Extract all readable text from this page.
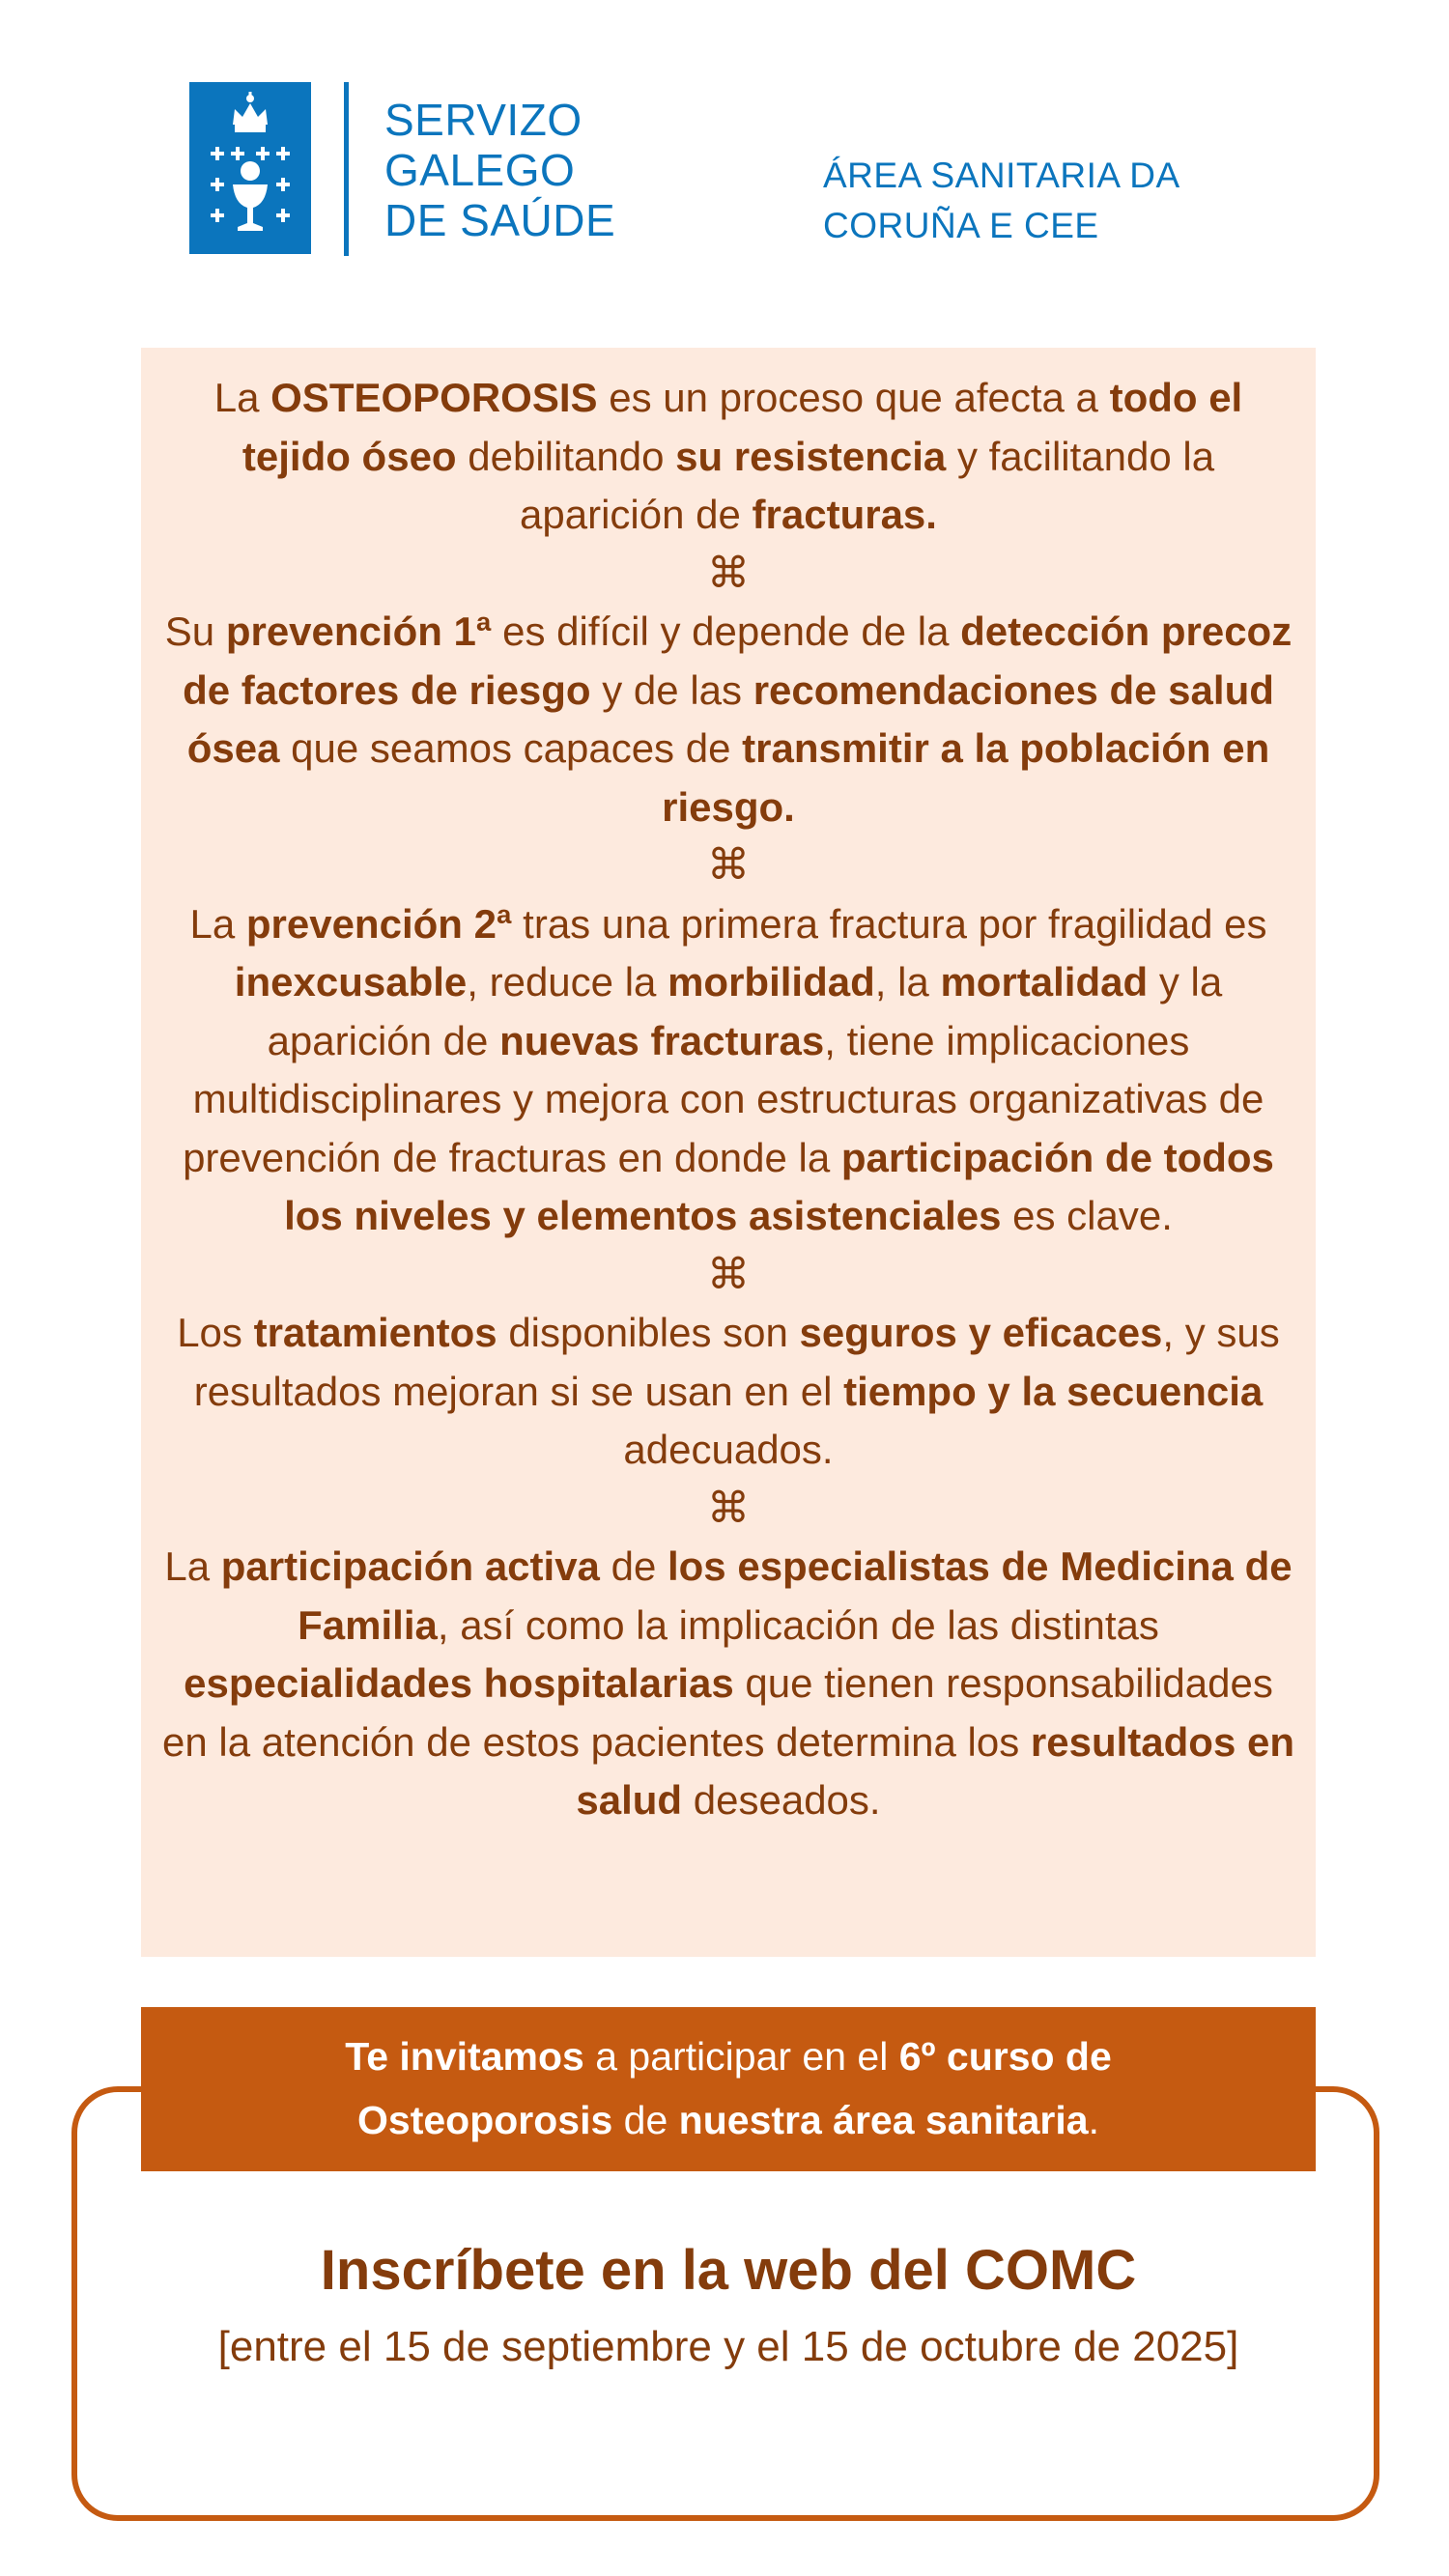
SERVIZO
GALEGO
DE SAÚDE
ÁREA SANITARIA DA
CORUÑA E CEE

La OSTEOPOROSIS es un proceso que afecta a todo el tejido óseo debilitando su resistencia y facilitando la aparición de fracturas.

⌘

Su prevención 1ª es difícil y depende de la detección precoz de factores de riesgo y de las recomendaciones de salud ósea que seamos capaces de transmitir a la población en riesgo.

⌘

La prevención 2ª tras una primera fractura por fragilidad es inexcusable, reduce la morbilidad, la mortalidad y la aparición de nuevas fracturas, tiene implicaciones multidisciplinares y mejora con estructuras organizativas de prevención de fracturas en donde la participación de todos los niveles y elementos asistenciales es clave.

⌘

Los tratamientos disponibles son seguros y eficaces, y sus resultados mejoran si se usan en el tiempo y la secuencia adecuados.

⌘

La participación activa de los especialistas de Medicina de Familia, así como la implicación de las distintas especialidades hospitalarias que tienen responsabilidades en la atención de estos pacientes determina los resultados en salud deseados.

Te invitamos a participar en el 6º curso de
Osteoporosis de nuestra área sanitaria.
Inscríbete en la web del COMC
[entre el 15 de septiembre y el 15 de octubre de 2025]
